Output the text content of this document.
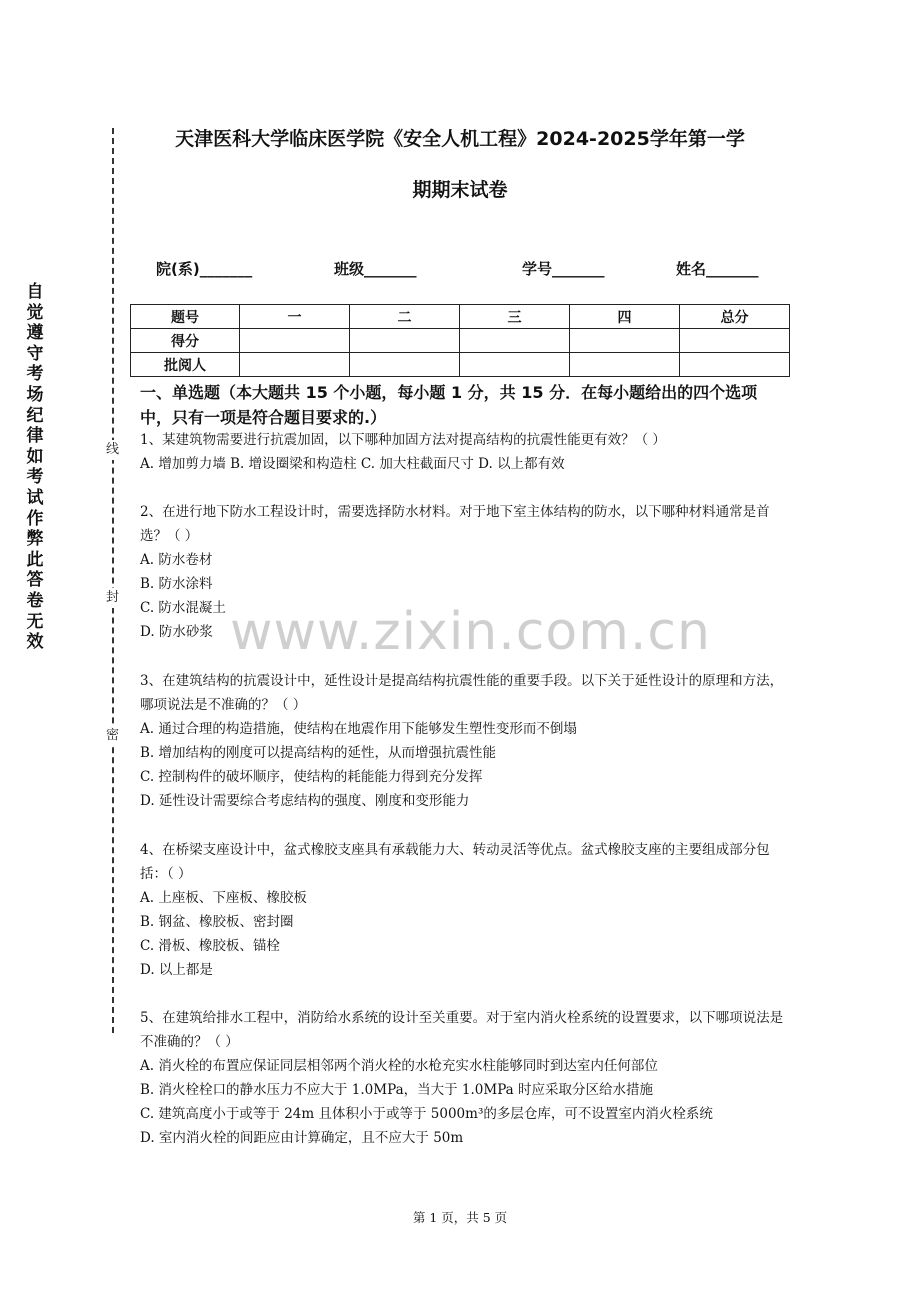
自觉遵守考场纪律如考试作弊此答卷无效
线
封
密
天津医科大学临床医学院《安全人机工程》2024-2025学年第一学
期期末试卷
院(系)_______	班级_______	学号_______	姓名_______
题号	一	二	三	四	总分
得分					
批阅人					
一、单选题（本大题共 15 个小题，每小题 1 分，共 15 分．在每小题给出的四个选项中，只有一项是符合题目要求的.）

1、某建筑物需要进行抗震加固，以下哪种加固方法对提高结构的抗震性能更有效？（ ）

A. 增加剪力墙 B. 增设圈梁和构造柱 C. 加大柱截面尺寸 D. 以上都有效

2、在进行地下防水工程设计时，需要选择防水材料。对于地下室主体结构的防水，以下哪种材料通常是首选？（ ）

A. 防水卷材

B. 防水涂料

C. 防水混凝土

D. 防水砂浆

3、在建筑结构的抗震设计中，延性设计是提高结构抗震性能的重要手段。以下关于延性设计的原理和方法，哪项说法是不准确的？（ ）

A. 通过合理的构造措施，使结构在地震作用下能够发生塑性变形而不倒塌

B. 增加结构的刚度可以提高结构的延性，从而增强抗震性能

C. 控制构件的破坏顺序，使结构的耗能能力得到充分发挥

D. 延性设计需要综合考虑结构的强度、刚度和变形能力

4、在桥梁支座设计中，盆式橡胶支座具有承载能力大、转动灵活等优点。盆式橡胶支座的主要组成部分包括：（ ）

A. 上座板、下座板、橡胶板

B. 钢盆、橡胶板、密封圈

C. 滑板、橡胶板、锚栓

D. 以上都是

5、在建筑给排水工程中，消防给水系统的设计至关重要。对于室内消火栓系统的设置要求，以下哪项说法是不准确的？（ ）

A. 消火栓的布置应保证同层相邻两个消火栓的水枪充实水柱能够同时到达室内任何部位

B. 消火栓栓口的静水压力不应大于 1.0MPa，当大于 1.0MPa 时应采取分区给水措施

C. 建筑高度小于或等于 24m 且体积小于或等于 5000m³的多层仓库，可不设置室内消火栓系统

D. 室内消火栓的间距应由计算确定，且不应大于 50m

www.zixin.com.cn
第 1 页，共 5 页
